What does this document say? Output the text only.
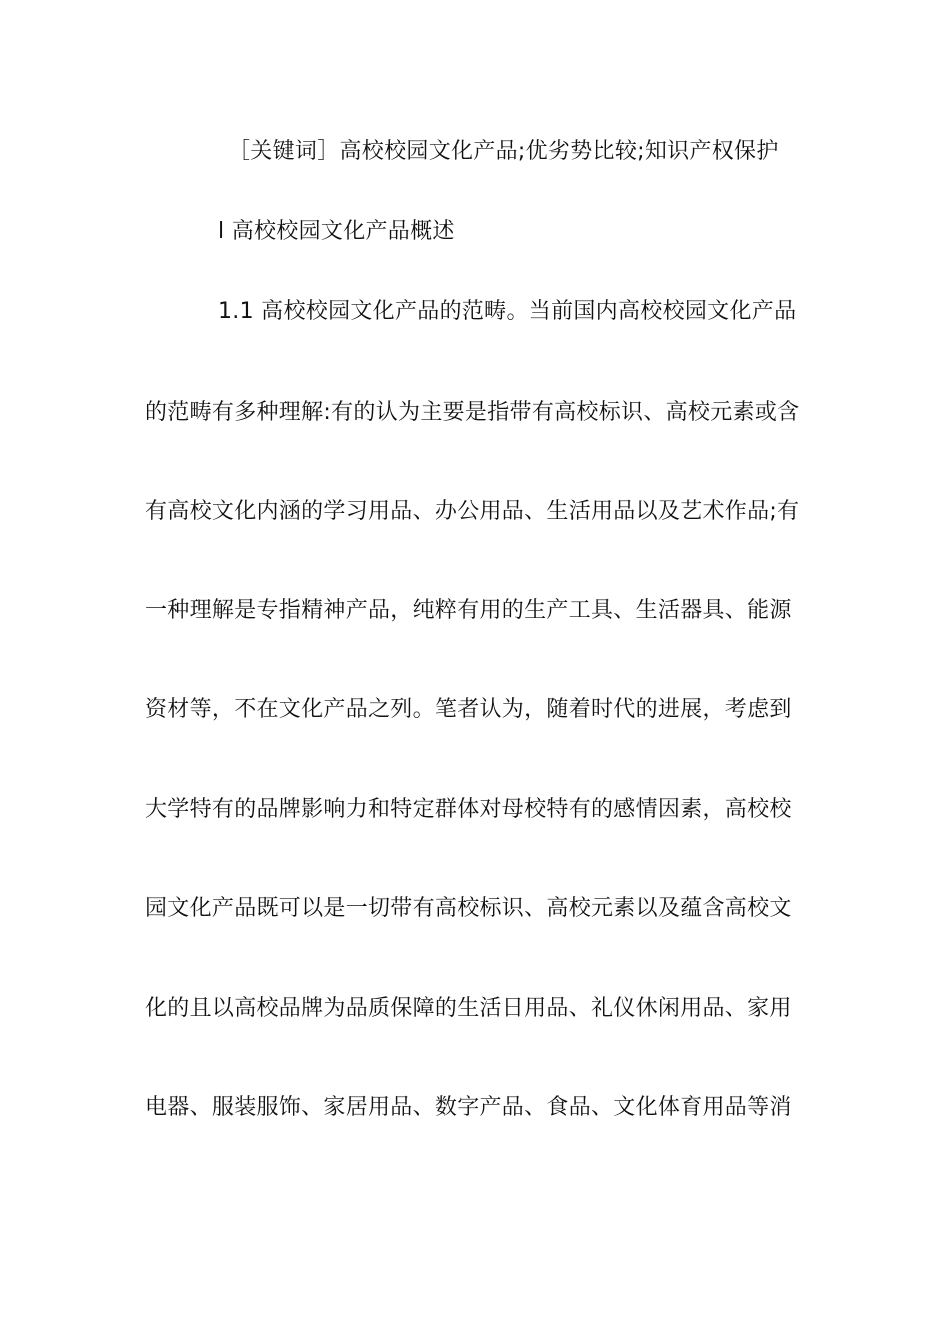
［关键词］高校校园文化产品;优劣势比较;知识产权保护
l 高校校园文化产品概述
1.1 高校校园文化产品的范畴。当前国内高校校园文化产品
的范畴有多种理解:有的认为主要是指带有高校标识、高校元素或含
有高校文化内涵的学习用品、办公用品、生活用品以及艺术作品;有
一种理解是专指精神产品，纯粹有用的生产工具、生活器具、能源
资材等，不在文化产品之列。笔者认为，随着时代的进展，考虑到
大学特有的品牌影响力和特定群体对母校特有的感情因素，高校校
园文化产品既可以是一切带有高校标识、高校元素以及蕴含高校文
化的且以高校品牌为品质保障的生活日用品、礼仪休闲用品、家用
电器、服装服饰、家居用品、数字产品、食品、文化体育用品等消
